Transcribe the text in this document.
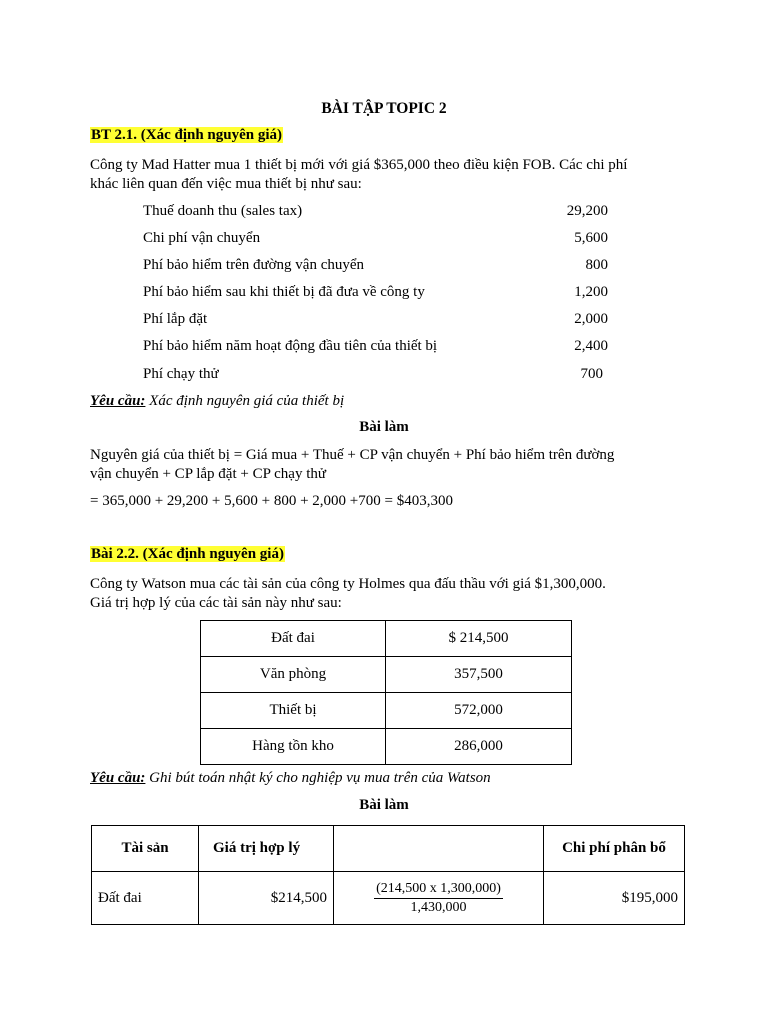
BÀI TẬP TOPIC 2
BT 2.1. (Xác định nguyên giá)
Công ty Mad Hatter mua 1 thiết bị mới với giá $365,000 theo điều kiện FOB. Các chi phí
khác liên quan đến việc mua thiết bị như sau:
Thuế doanh thu (sales tax)	29,200
Chi phí vận chuyển	5,600
Phí bảo hiểm trên đường vận chuyển	800
Phí bảo hiểm sau khi thiết bị đã đưa về công ty	1,200
Phí lắp đặt	2,000
Phí bảo hiểm năm hoạt động đầu tiên của thiết bị	2,400
Phí chạy thử	700
Yêu cầu: Xác định nguyên giá của thiết bị
Bài làm
Nguyên giá của thiết bị = Giá mua + Thuế + CP vận chuyển + Phí bảo hiểm trên đường
vận chuyển + CP lắp đặt + CP chạy thử
= 365,000 + 29,200 + 5,600 + 800 + 2,000 +700 = $403,300
Bài 2.2. (Xác định nguyên giá)
Công ty Watson mua các tài sản của công ty Holmes qua đấu thầu với giá $1,300,000.
Giá trị hợp lý của các tài sản này như sau:
Đất đai	$ 214,500
Văn phòng	357,500
Thiết bị	572,000
Hàng tồn kho	286,000
Yêu cầu: Ghi bút toán nhật ký cho nghiệp vụ mua trên của Watson
Bài làm
Tài sản	Giá trị hợp lý		Chi phí phân bổ
Đất đai	$214,500	$\frac{(214,500 x 1,300,000)}{1,430,000}$	$195,000
